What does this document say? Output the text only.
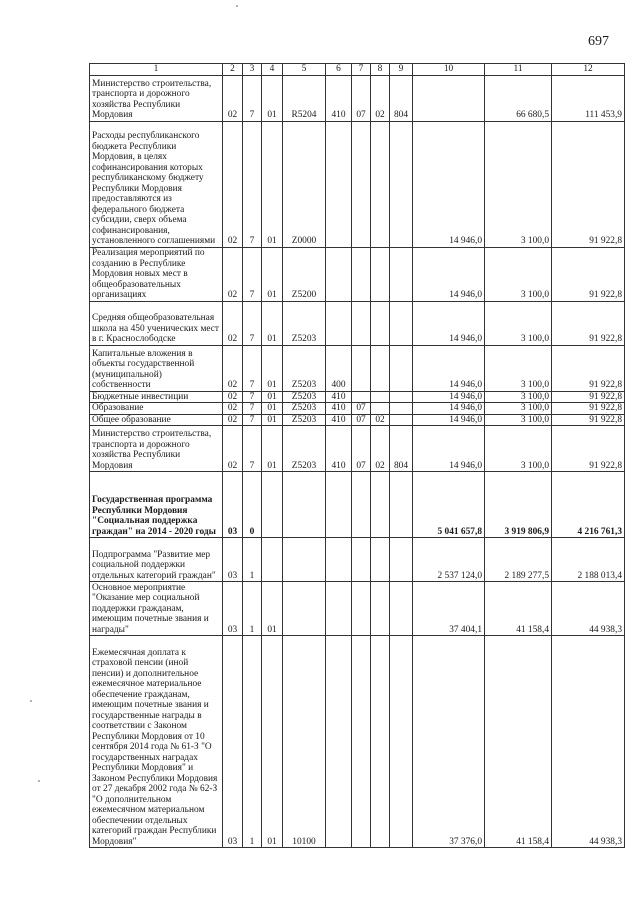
697
1	2	3	4	5	6	7	8	9	10	11	12
Министерство строительства, транспорта и дорожного хозяйства Республики Мордовия	02	7	01	R5204	410	07	02	804		66 680,5	111 453,9
Расходы республиканского бюджета Республики Мордовия, в целях софинансирования которых республиканскому бюджету Республики Мордовия предоставляются из федерального бюджета субсидии, сверх объема софинансирования, установленного соглашениями	02	7	01	Z0000					14 946,0	3 100,0	91 922,8
Реализация мероприятий по созданию в Республике Мордовия новых мест в общеобразовательных организациях	02	7	01	Z5200					14 946,0	3 100,0	91 922,8
Средняя общеобразовательная школа на 450 ученических мест в г. Краснослободске	02	7	01	Z5203					14 946,0	3 100,0	91 922,8
Капитальные вложения в объекты государственной (муниципальной) собственности	02	7	01	Z5203	400				14 946,0	3 100,0	91 922,8
Бюджетные инвестиции	02	7	01	Z5203	410				14 946,0	3 100,0	91 922,8
Образование	02	7	01	Z5203	410	07			14 946,0	3 100,0	91 922,8
Общее образование	02	7	01	Z5203	410	07	02		14 946,0	3 100,0	91 922,8
Министерство строительства, транспорта и дорожного хозяйства Республики Мордовия	02	7	01	Z5203	410	07	02	804	14 946,0	3 100,0	91 922,8
Государственная программа Республики Мордовия "Социальная поддержка граждан" на 2014 - 2020 годы	03	0							5 041 657,8	3 919 806,9	4 216 761,3
Подпрограмма "Развитие мер социальной поддержки отдельных категорий граждан"	03	1							2 537 124,0	2 189 277,5	2 188 013,4
Основное мероприятие "Оказание мер социальной поддержки гражданам, имеющим почетные звания и награды"	03	1	01						37 404,1	41 158,4	44 938,3
Ежемесячная доплата к страховой пенсии (иной пенсии) и дополнительное ежемесячное материальное обеспечение гражданам, имеющим почетные звания и государственные награды в соответствии с Законом Республики Мордовия от 10 сентября 2014 года № 61-З "О государственных наградах Республики Мордовия" и Законом Республики Мордовия от 27 декабря 2002 года № 62-З "О дополнительном ежемесячном материальном обеспечении отдельных категорий граждан Республики Мордовия"	03	1	01	10100					37 376,0	41 158,4	44 938,3
